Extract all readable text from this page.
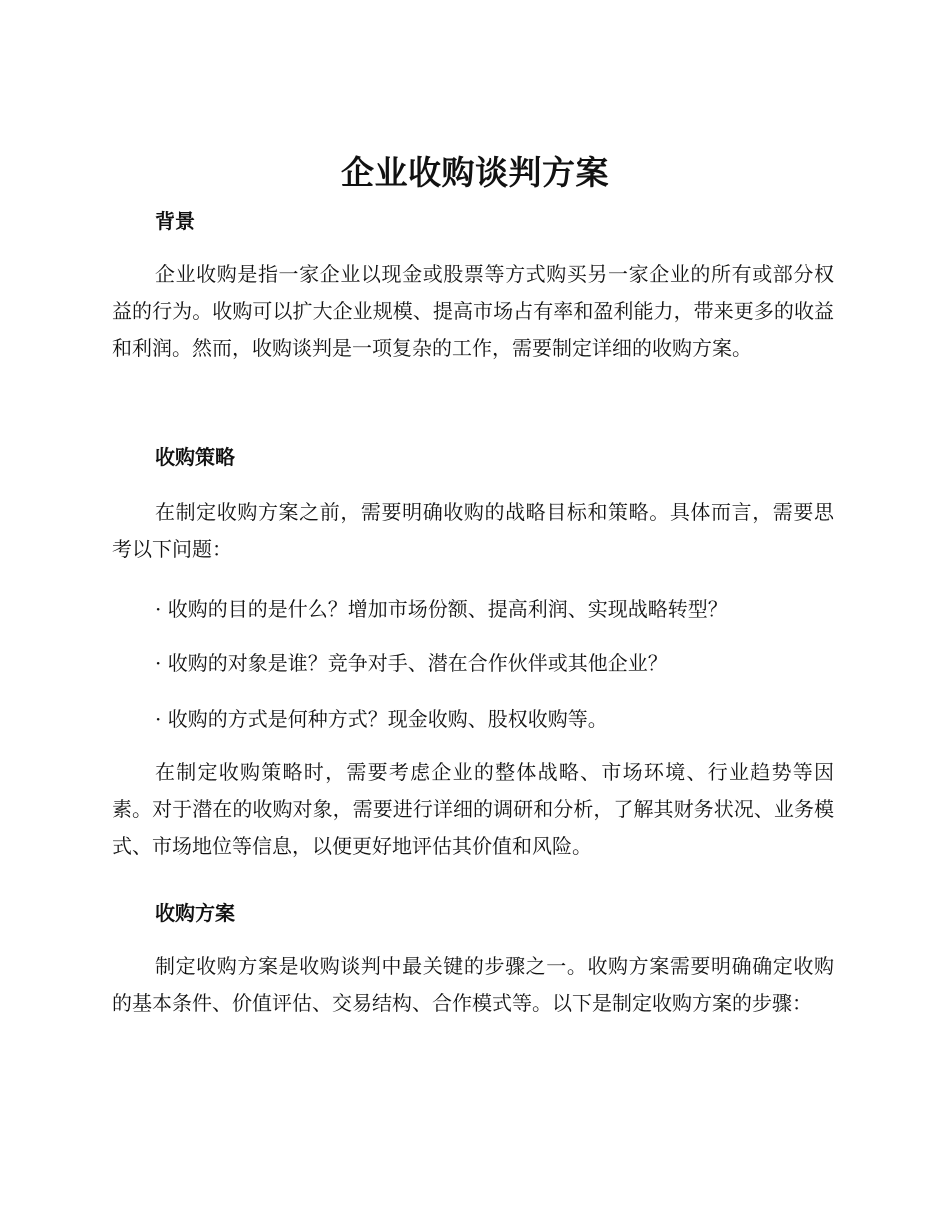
企业收购谈判方案
背景

企业收购是指一家企业以现金或股票等方式购买另一家企业的所有或部分权益的行为。收购可以扩大企业规模、提高市场占有率和盈利能力，带来更多的收益和利润。然而，收购谈判是一项复杂的工作，需要制定详细的收购方案。

收购策略

在制定收购方案之前，需要明确收购的战略目标和策略。具体而言，需要思考以下问题：

· 收购的目的是什么？增加市场份额、提高利润、实现战略转型？

· 收购的对象是谁？竞争对手、潜在合作伙伴或其他企业？

· 收购的方式是何种方式？现金收购、股权收购等。

在制定收购策略时，需要考虑企业的整体战略、市场环境、行业趋势等因素。对于潜在的收购对象，需要进行详细的调研和分析，了解其财务状况、业务模式、市场地位等信息，以便更好地评估其价值和风险。

收购方案

制定收购方案是收购谈判中最关键的步骤之一。收购方案需要明确确定收购的基本条件、价值评估、交易结构、合作模式等。以下是制定收购方案的步骤：
